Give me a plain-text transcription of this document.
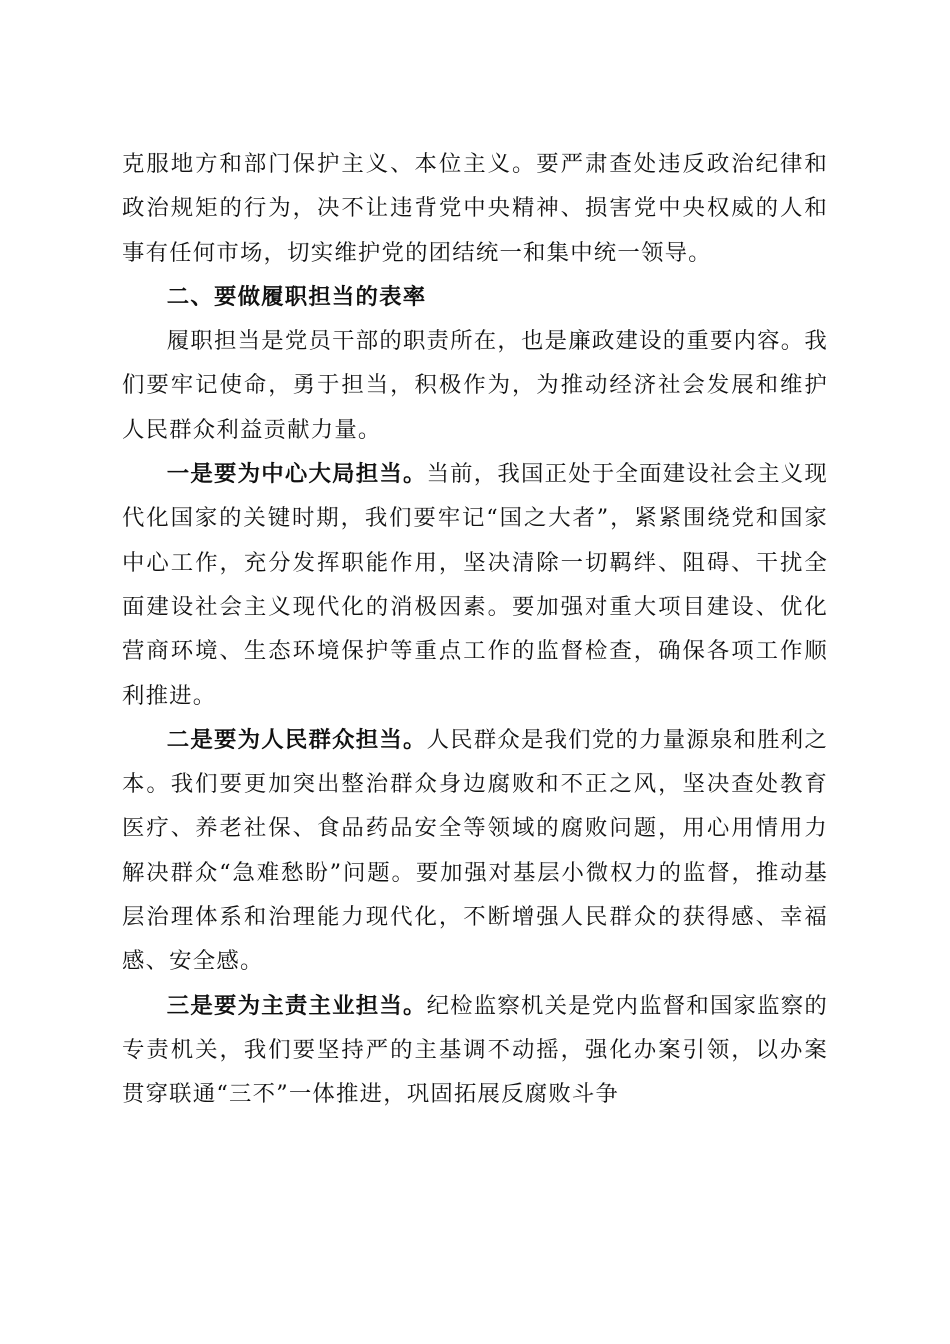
克服地方和部门保护主义、本位主义。要严肃查处违反政治纪律和政治规矩的行为，决不让违背党中央精神、损害党中央权威的人和事有任何市场，切实维护党的团结统一和集中统一领导。

二、要做履职担当的表率

履职担当是党员干部的职责所在，也是廉政建设的重要内容。我们要牢记使命，勇于担当，积极作为，为推动经济社会发展和维护人民群众利益贡献力量。

一是要为中心大局担当。当前，我国正处于全面建设社会主义现代化国家的关键时期，我们要牢记“国之大者”，紧紧围绕党和国家中心工作，充分发挥职能作用，坚决清除一切羁绊、阻碍、干扰全面建设社会主义现代化的消极因素。要加强对重大项目建设、优化营商环境、生态环境保护等重点工作的监督检查，确保各项工作顺利推进。

二是要为人民群众担当。人民群众是我们党的力量源泉和胜利之本。我们要更加突出整治群众身边腐败和不正之风，坚决查处教育医疗、养老社保、食品药品安全等领域的腐败问题，用心用情用力解决群众“急难愁盼”问题。要加强对基层小微权力的监督，推动基层治理体系和治理能力现代化，不断增强人民群众的获得感、幸福感、安全感。

三是要为主责主业担当。纪检监察机关是党内监督和国家监察的专责机关，我们要坚持严的主基调不动摇，强化办案引领，以办案贯穿联通“三不”一体推进，巩固拓展反腐败斗争
